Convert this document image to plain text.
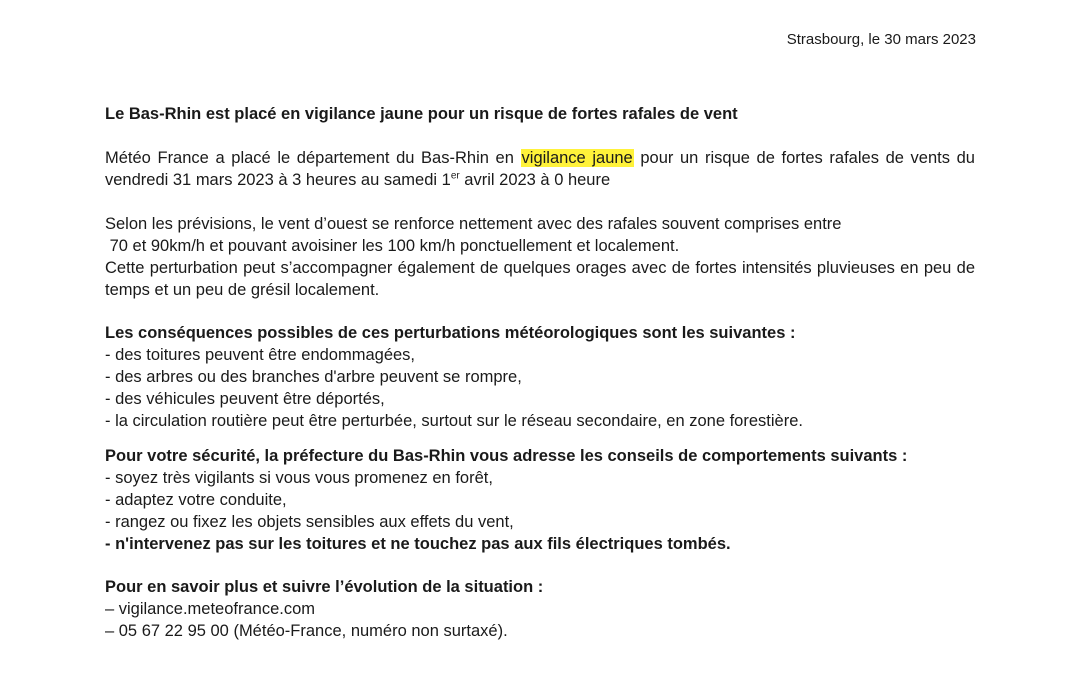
Strasbourg, le 30 mars 2023
Le Bas-Rhin est placé en vigilance jaune pour un risque de fortes rafales de vent
Météo France a placé le département du Bas-Rhin en vigilance jaune pour un risque de fortes rafales de vents du vendredi 31 mars 2023 à 3 heures au samedi 1er avril 2023 à 0 heure
Selon les prévisions, le vent d’ouest se renforce nettement avec des rafales souvent comprises entre
70 et 90km/h et pouvant avoisiner les 100 km/h ponctuellement et localement.
Cette perturbation peut s’accompagner également de quelques orages avec de fortes intensités pluvieuses en peu de temps et un peu de grésil localement.
Les conséquences possibles de ces perturbations météorologiques sont les suivantes :
- des toitures peuvent être endommagées,
- des arbres ou des branches d'arbre peuvent se rompre,
- des véhicules peuvent être déportés,
- la circulation routière peut être perturbée, surtout sur le réseau secondaire, en zone forestière.
Pour votre sécurité, la préfecture du Bas-Rhin vous adresse les conseils de comportements suivants :
- soyez très vigilants si vous vous promenez en forêt,
- adaptez votre conduite,
- rangez ou fixez les objets sensibles aux effets du vent,
- n'intervenez pas sur les toitures et ne touchez pas aux fils électriques tombés.
Pour en savoir plus et suivre l’évolution de la situation :
– vigilance.meteofrance.com
– 05 67 22 95 00 (Météo-France, numéro non surtaxé).
